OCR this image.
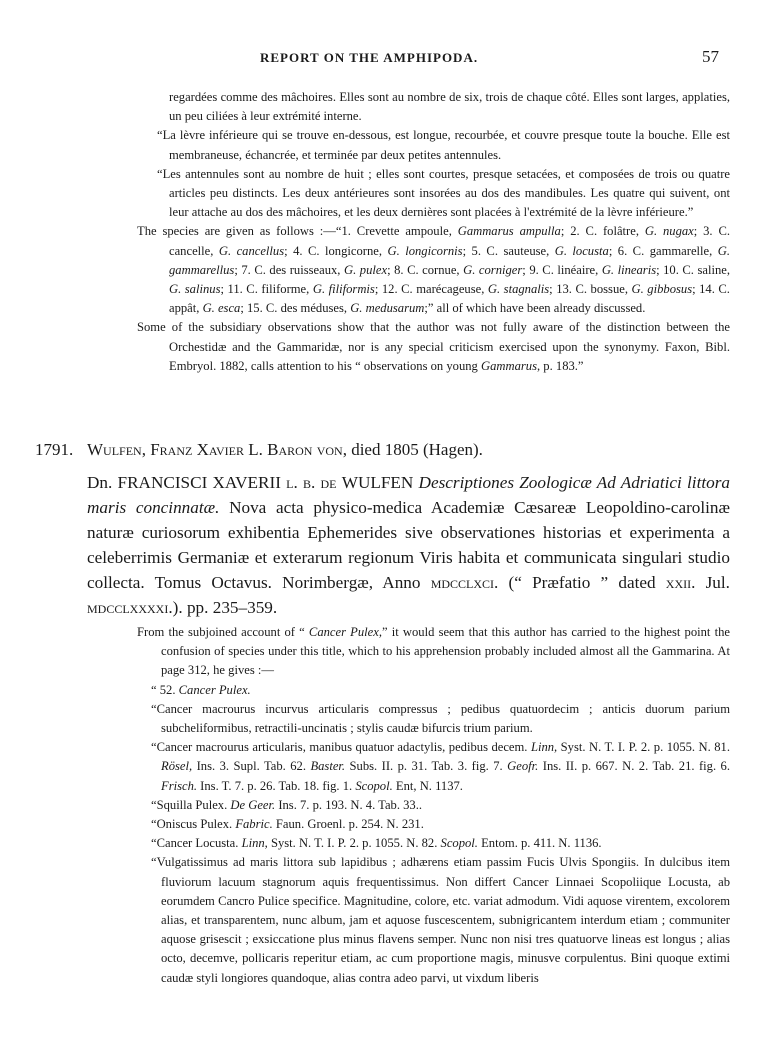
REPORT ON THE AMPHIPODA.	57

regardées comme des mâchoires. Elles sont au nombre de six, trois de chaque côté. Elles sont larges, applaties, un peu ciliées à leur extrémité interne.

“La lèvre inférieure qui se trouve en-dessous, est longue, recourbée, et couvre presque toute la bouche. Elle est membraneuse, échancrée, et terminée par deux petites antennules.

“Les antennules sont au nombre de huit ; elles sont courtes, presque setacées, et composées de trois ou quatre articles peu distincts. Les deux antérieures sont insorées au dos des mandibules. Les quatre qui suivent, ont leur attache au dos des mâchoires, et les deux dernières sont placées à l'extrémité de la lèvre inférieure.”

The species are given as follows :—“1. Crevette ampoule, Gammarus ampulla; 2. C. folâtre, G. nugax; 3. C. cancelle, G. cancellus; 4. C. longicorne, G. longicornis; 5. C. sauteuse, G. locusta; 6. C. gammarelle, G. gammarellus; 7. C. des ruisseaux, G. pulex; 8. C. cornue, G. corniger; 9. C. linéaire, G. linearis; 10. C. saline, G. salinus; 11. C. filiforme, G. filiformis; 12. C. marécageuse, G. stagnalis; 13. C. bossue, G. gibbosus; 14. C. appât, G. esca; 15. C. des méduses, G. medusarum;” all of which have been already discussed.

Some of the subsidiary observations show that the author was not fully aware of the distinction between the Orchestidæ and the Gammaridæ, nor is any special criticism exercised upon the synonymy. Faxon, Bibl. Embryol. 1882, calls attention to his “ observations on young Gammarus, p. 183.”

1791. Wulfen, Franz Xavier L. Baron von, died 1805 (Hagen).
Dn. FRANCISCI XAVERII l. b. de WULFEN Descriptiones Zoologicæ Ad Adriatici littora maris concinnatæ. Nova acta physico-medica Academiæ Cæsareæ Leopoldino-carolinæ naturæ curiosorum exhibentia Ephemerides sive observationes historias et experimenta a celeberrimis Germaniæ et exterarum regionum Viris habita et communicata singulari studio collecta. Tomus Octavus. Norimbergæ, Anno mdcclxci. (“ Præfatio ” dated xxii. Jul. mdcclxxxxi.). pp. 235–359.

From the subjoined account of “ Cancer Pulex,” it would seem that this author has carried to the highest point the confusion of species under this title, which to his apprehension probably included almost all the Gammarina. At page 312, he gives :—

“ 52. Cancer Pulex.

“Cancer macrourus incurvus articularis compressus ; pedibus quatuordecim ; anticis duorum parium subcheliformibus, retractili-uncinatis ; stylis caudæ bifurcis trium parium.

“Cancer macrourus articularis, manibus quatuor adactylis, pedibus decem. Linn, Syst. N. T. I. P. 2. p. 1055. N. 81. Rösel, Ins. 3. Supl. Tab. 62. Baster. Subs. II. p. 31. Tab. 3. fig. 7. Geofr. Ins. II. p. 667. N. 2. Tab. 21. fig. 6. Frisch. Ins. T. 7. p. 26. Tab. 18. fig. 1. Scopol. Ent, N. 1137.

“Squilla Pulex. De Geer. Ins. 7. p. 193. N. 4. Tab. 33..

“Oniscus Pulex. Fabric. Faun. Groenl. p. 254. N. 231.

“Cancer Locusta. Linn, Syst. N. T. I. P. 2. p. 1055. N. 82. Scopol. Entom. p. 411. N. 1136.

“Vulgatissimus ad maris littora sub lapidibus ; adhærens etiam passim Fucis Ulvis Spongiis. In dulcibus item fluviorum lacuum stagnorum aquis frequentissimus. Non differt Cancer Linnaei Scopoliique Locusta, ab eorumdem Cancro Pulice specifice. Magnitudine, colore, etc. variat admodum. Vidi aquose virentem, excolorem alias, et transparentem, nunc album, jam et aquose fuscescentem, subnigricantem interdum etiam ; communiter aquose grisescit ; exsiccatione plus minus flavens semper. Nunc non nisi tres quatuorve lineas est longus ; alias octo, decemve, pollicaris reperitur etiam, ac cum proportione magis, minusve corpulentus. Bini quoque extimi caudæ styli longiores quandoque, alias contra adeo parvi, ut vixdum liberis
